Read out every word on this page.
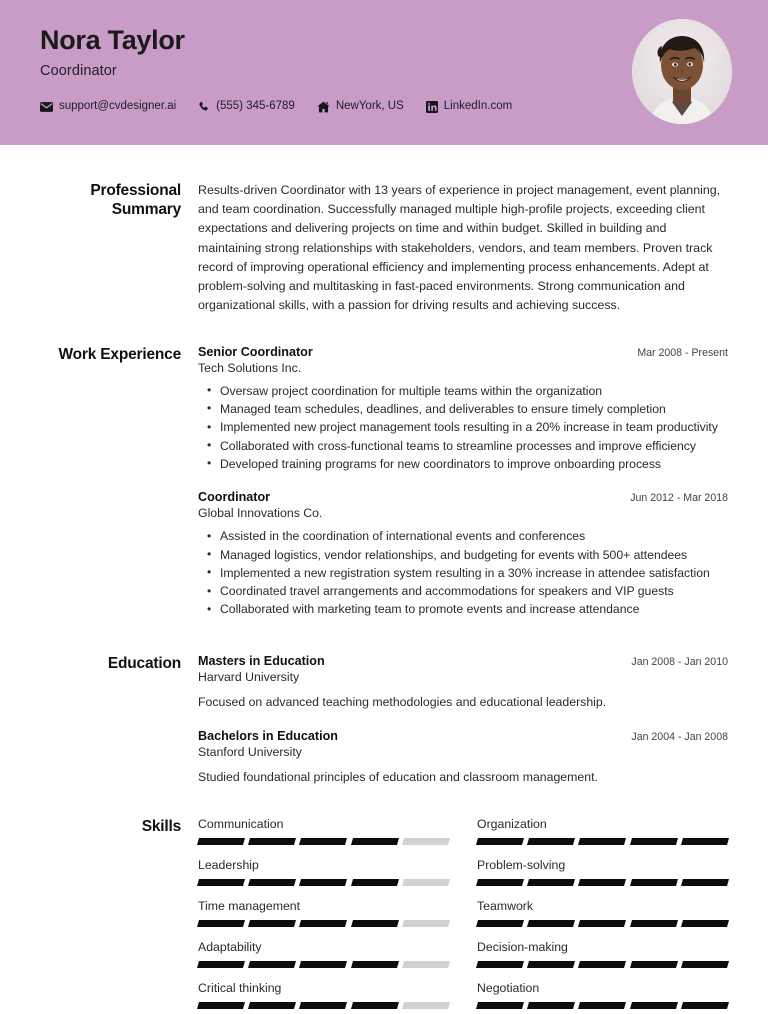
Nora Taylor
Coordinator
support@cvdesigner.ai	(555) 345-6789	NewYork, US	LinkedIn.com
Professional Summary
Results-driven Coordinator with 13 years of experience in project management, event planning, and team coordination. Successfully managed multiple high-profile projects, exceeding client expectations and delivering projects on time and within budget. Skilled in building and maintaining strong relationships with stakeholders, vendors, and team members. Proven track record of improving operational efficiency and implementing process enhancements. Adept at problem-solving and multitasking in fast-paced environments. Strong communication and organizational skills, with a passion for driving results and achieving success.
Work Experience Senior Coordinator	Mar 2008 - Present
Tech Solutions Inc.
• Oversaw project coordination for multiple teams within the organization
• Managed team schedules, deadlines, and deliverables to ensure timely completion
• Implemented new project management tools resulting in a 20% increase in team productivity
• Collaborated with cross-functional teams to streamline processes and improve efficiency
• Developed training programs for new coordinators to improve onboarding process
Coordinator	Jun 2012 - Mar 2018
Global Innovations Co.
• Assisted in the coordination of international events and conferences
• Managed logistics, vendor relationships, and budgeting for events with 500+ attendees
• Implemented a new registration system resulting in a 30% increase in attendee satisfaction
• Coordinated travel arrangements and accommodations for speakers and VIP guests
• Collaborated with marketing team to promote events and increase attendance
Education Masters in Education	Jan 2008 - Jan 2010
Harvard University
Focused on advanced teaching methodologies and educational leadership.
Bachelors in Education	Jan 2004 - Jan 2008
Stanford University
Studied foundational principles of education and classroom management.
Skills Communication
Leadership
Time management
Adaptability
Critical thinking
Organization
Problem-solving
Teamwork
Decision-making
Negotiation
